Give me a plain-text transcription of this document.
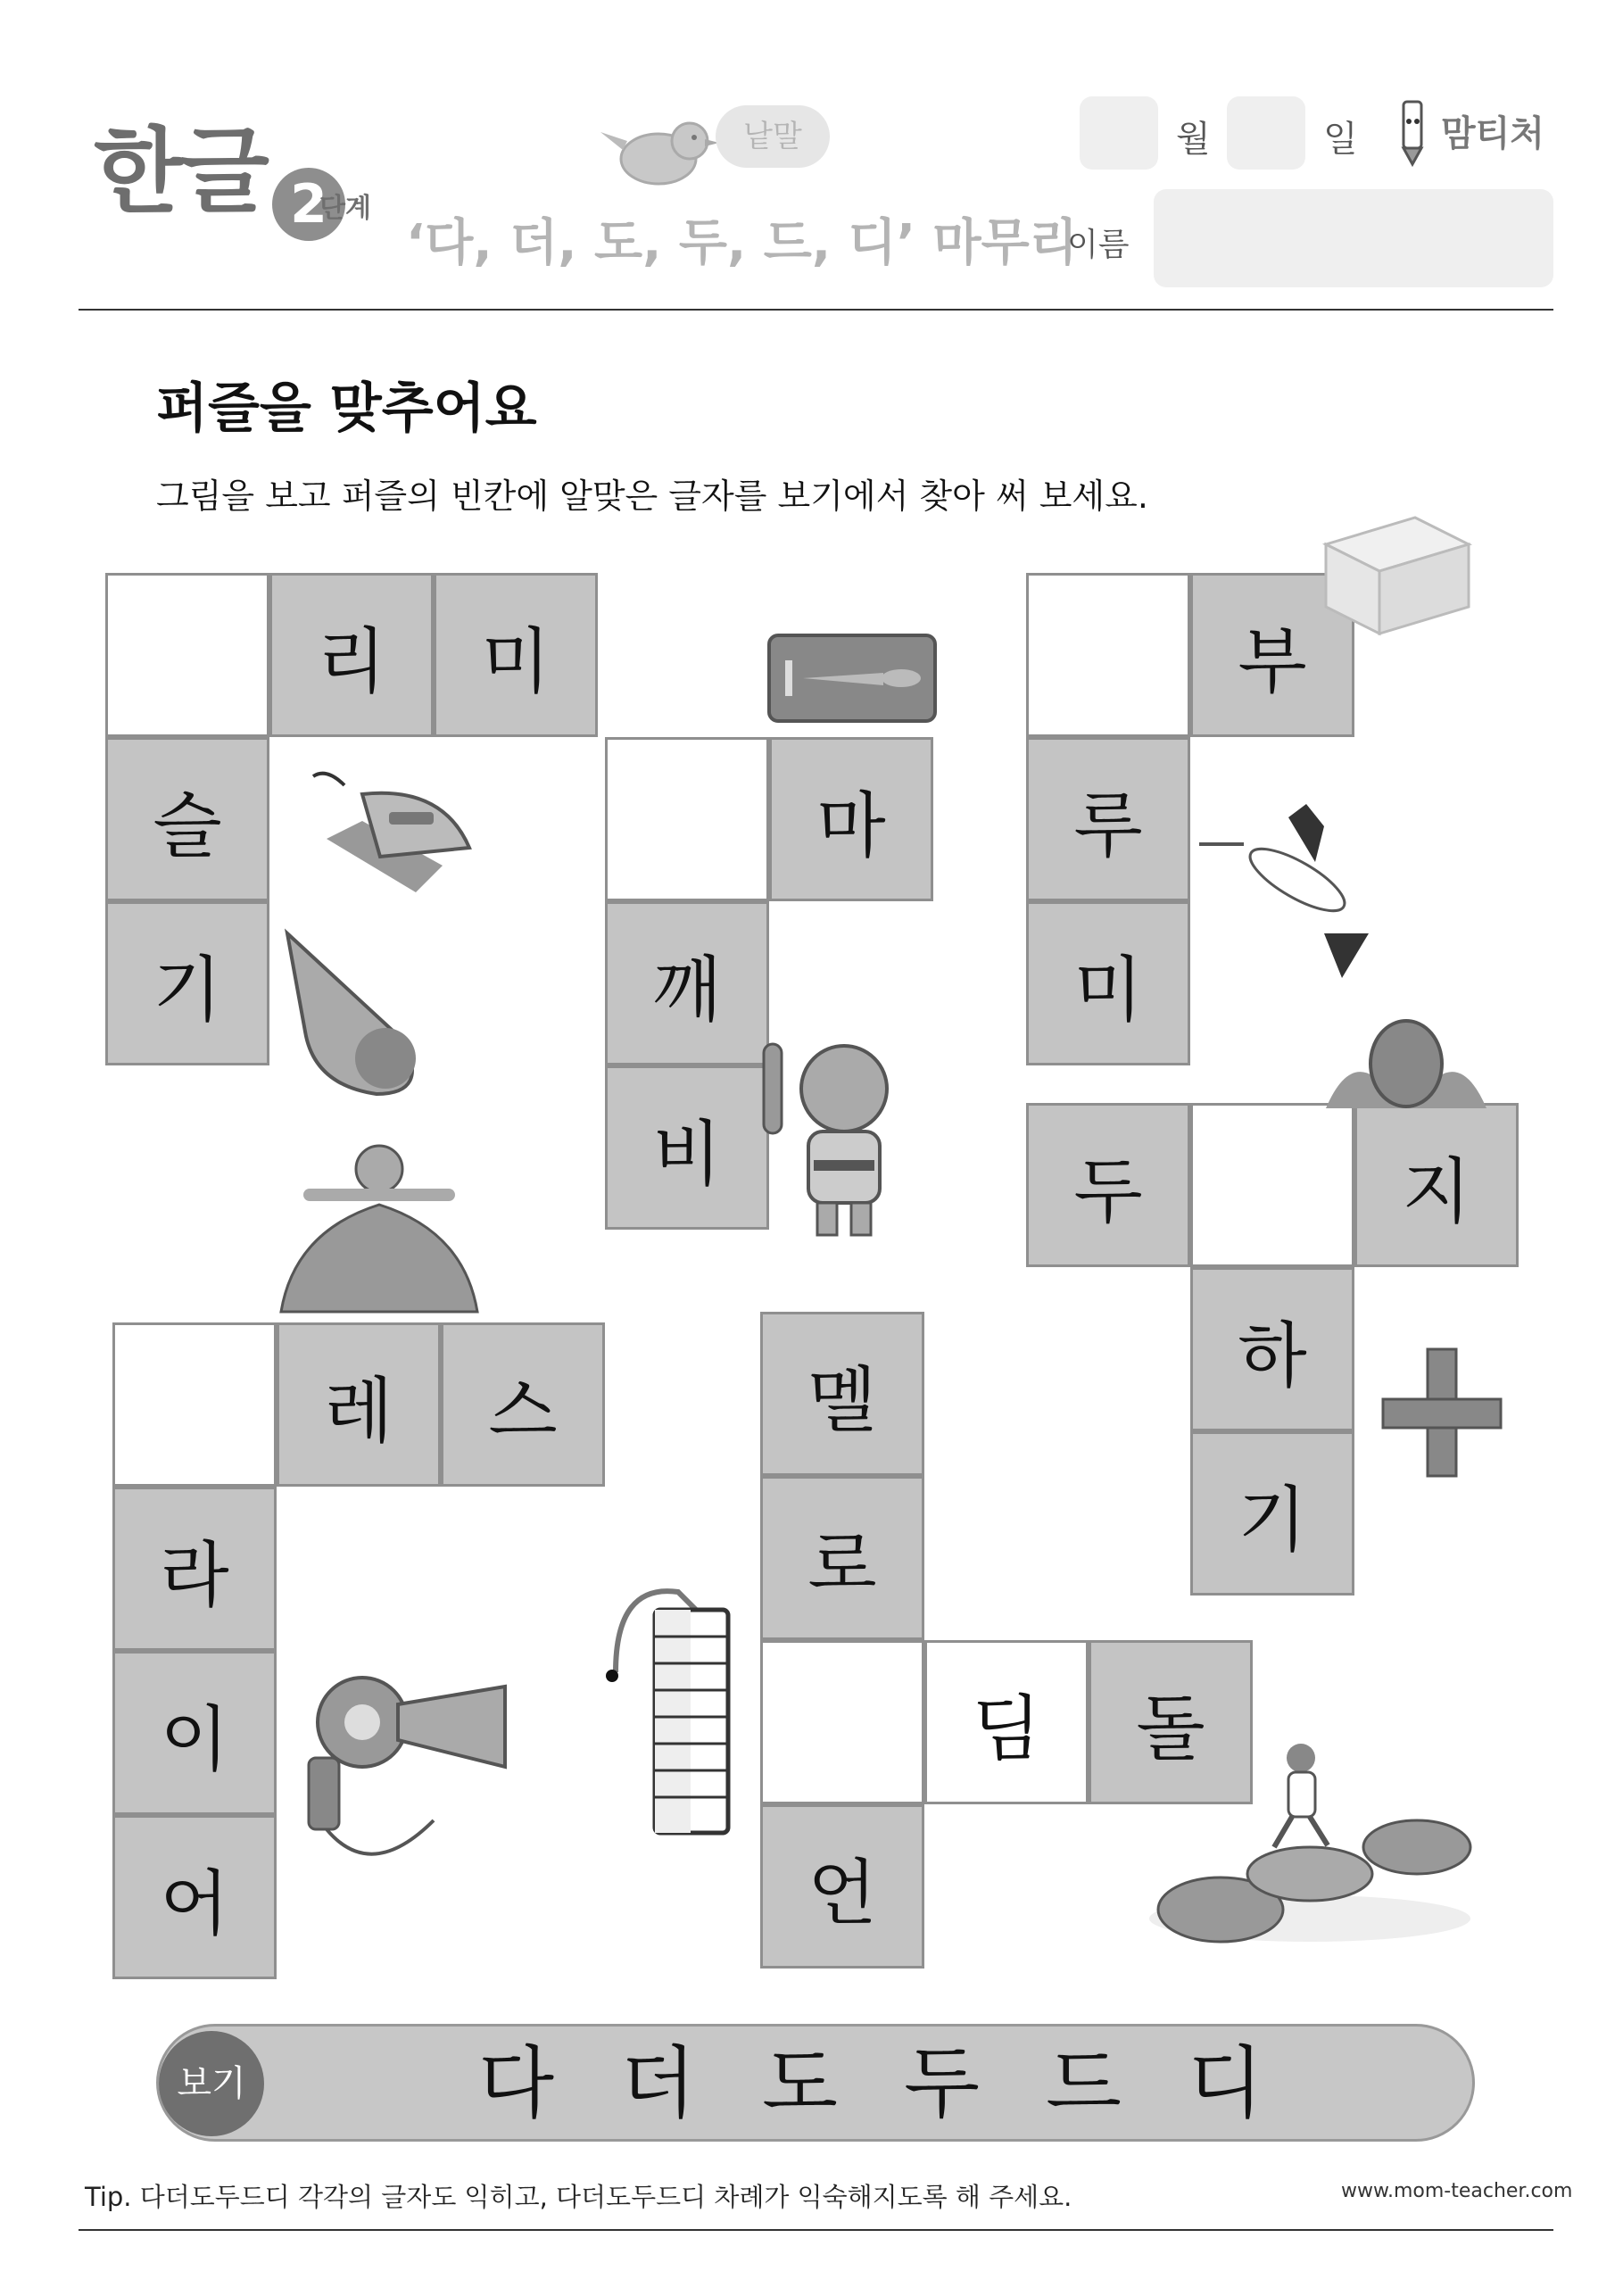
한글 2
단계
낱말
‘다, 더, 도, 두, 드, 디’ 마무리
월	일 맘티처
이름
퍼즐을 맞추어요
그림을 보고 퍼즐의 빈칸에 알맞은 글자를 보기에서 찾아 써 보세요.
리	미
슬
기
마
깨
비
부
루
미
두	지
하
기
레	스
라
이
어
멜
로
딤	돌
언
보기	다 더 도 두 드 디
Tip. 다더도두드디 각각의 글자도 익히고, 다더도두드디 차례가 익숙해지도록 해 주세요.	www.mom-teacher.com
